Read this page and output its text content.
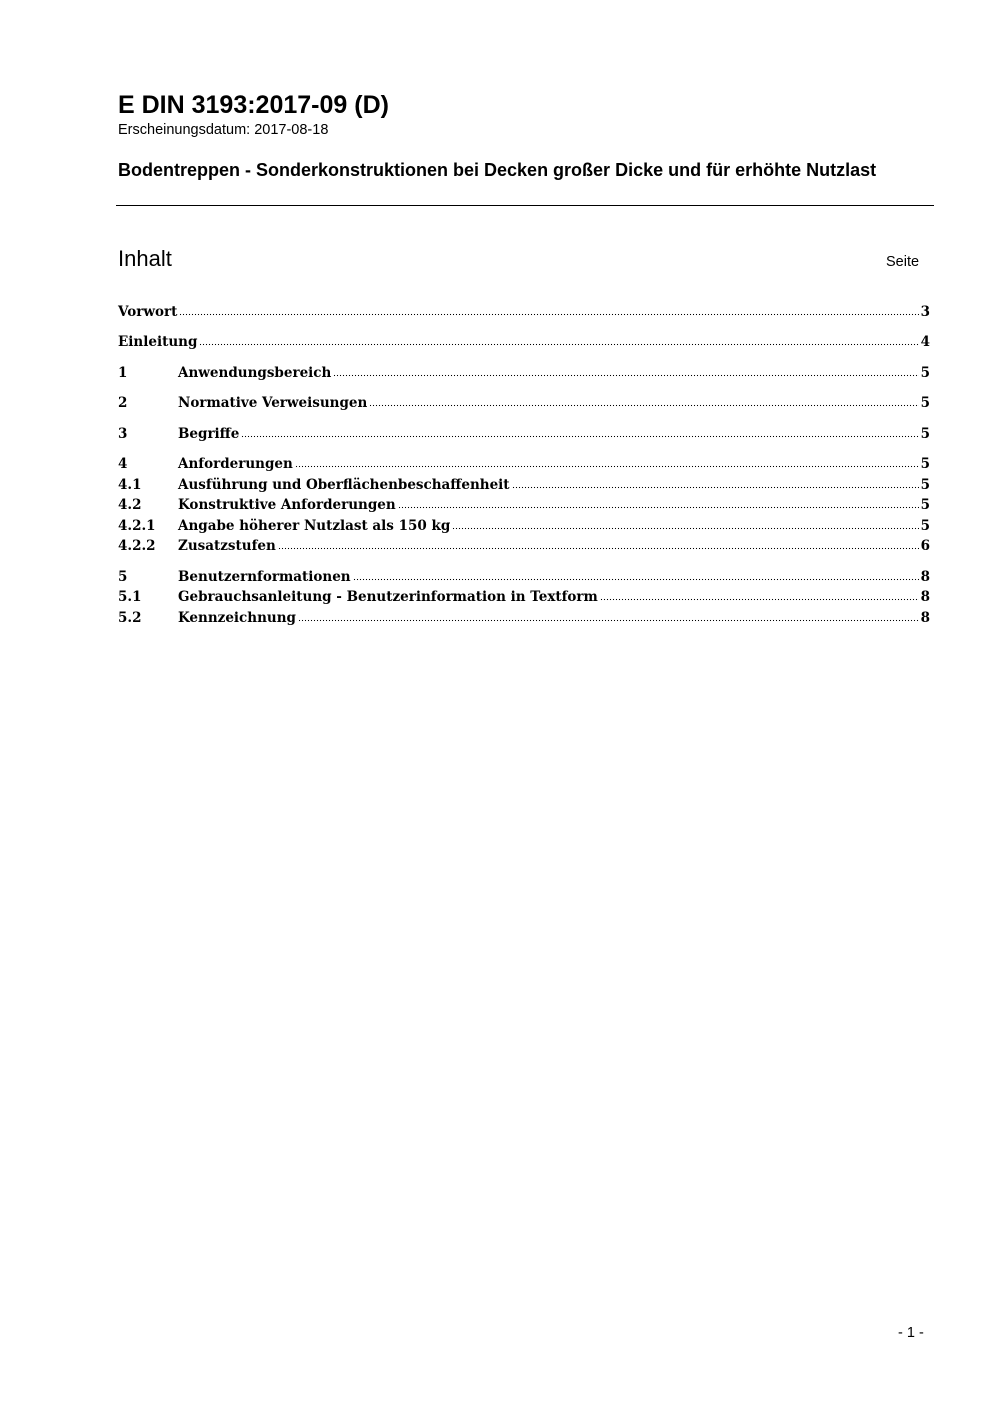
E DIN 3193:2017-09 (D)
Erscheinungsdatum: 2017-08-18
Bodentreppen - Sonderkonstruktionen bei Decken großer Dicke und für erhöhte Nutzlast
Inhalt	Seite
Vorwort	3
Einleitung	4
1	Anwendungsbereich	5
2	Normative Verweisungen	5
3	Begriffe	5
4	Anforderungen	5
4.1	Ausführung und Oberflächenbeschaffenheit	5
4.2	Konstruktive Anforderungen	5
4.2.1	Angabe höherer Nutzlast als 150 kg	5
4.2.2	Zusatzstufen	6
5	Benutzernformationen	8
5.1	Gebrauchsanleitung - Benutzerinformation in Textform	8
5.2	Kennzeichnung	8
- 1 -
